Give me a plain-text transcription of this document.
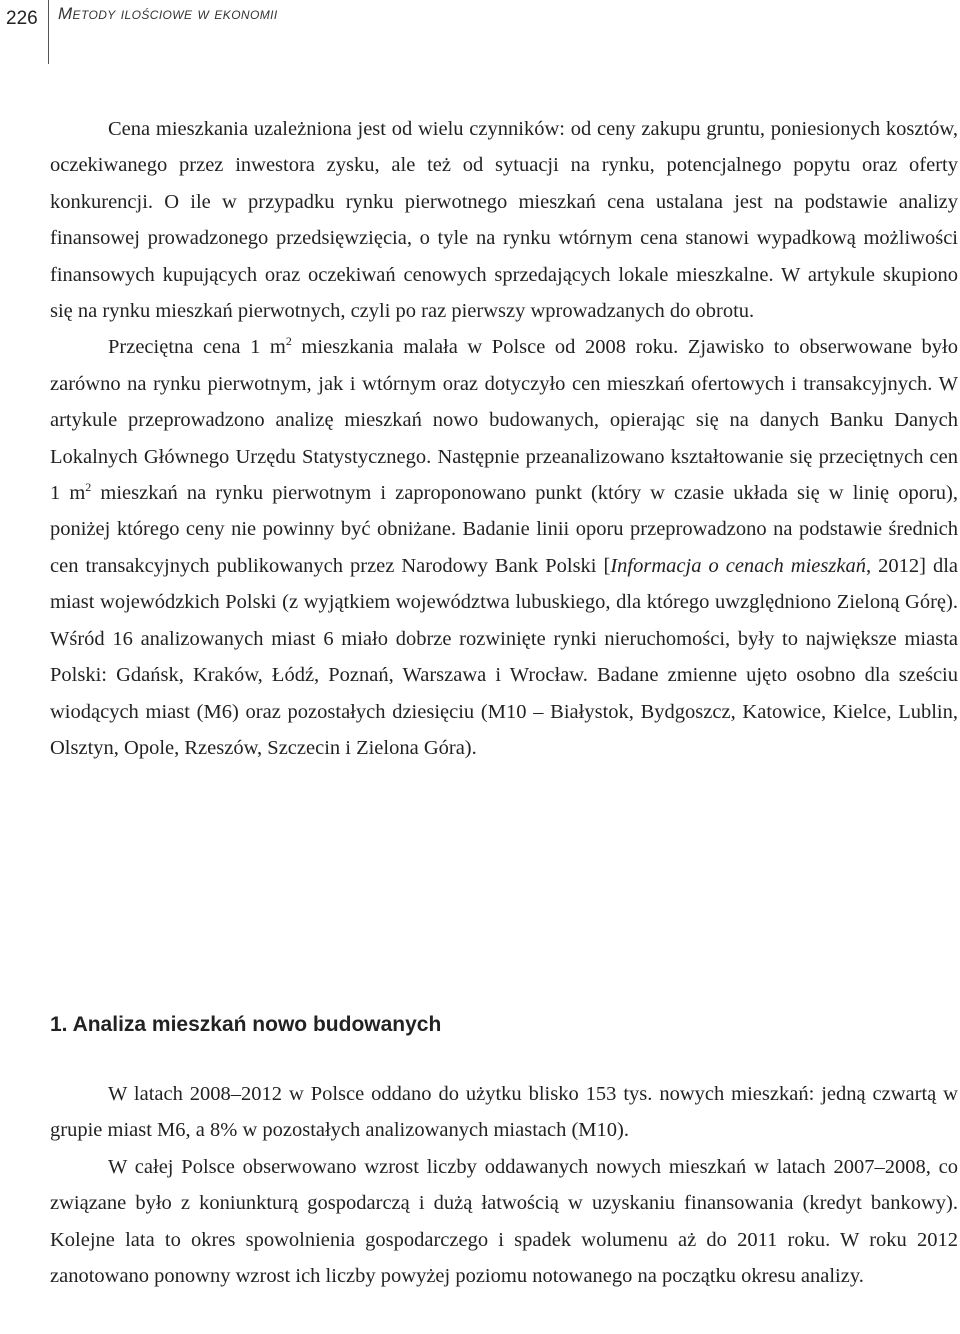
226	Metody ilościowe w ekonomii

Cena mieszkania uzależniona jest od wielu czynników: od ceny zakupu gruntu, poniesionych kosztów, oczekiwanego przez inwestora zysku, ale też od sytuacji na rynku, potencjalnego popytu oraz oferty konkurencji. O ile w przypadku rynku pierwotnego mieszkań cena ustalana jest na podstawie analizy finansowej prowadzonego przedsięwzięcia, o tyle na rynku wtórnym cena stanowi wypadkową możliwości finansowych kupujących oraz oczekiwań cenowych sprzedających lokale mieszkalne. W artykule skupiono się na rynku mieszkań pierwotnych, czyli po raz pierwszy wprowadzanych do obrotu.

Przeciętna cena 1 $m^2$ mieszkania malała w Polsce od 2008 roku. Zjawisko to obserwowane było zarówno na rynku pierwotnym, jak i wtórnym oraz dotyczyło cen mieszkań ofertowych i transakcyjnych. W artykule przeprowadzono analizę mieszkań nowo budowanych, opierając się na danych Banku Danych Lokalnych Głównego Urzędu Statystycznego. Następnie przeanalizowano kształtowanie się przeciętnych cen 1 $m^2$ mieszkań na rynku pierwotnym i zaproponowano punkt (który w czasie układa się w linię oporu), poniżej którego ceny nie powinny być obniżane. Badanie linii oporu przeprowadzono na podstawie średnich cen transakcyjnych publikowanych przez Narodowy Bank Polski [Informacja o cenach mieszkań, 2012] dla miast wojewódzkich Polski (z wyjątkiem województwa lubuskiego, dla którego uwzględniono Zieloną Górę). Wśród 16 analizowanych miast 6 miało dobrze rozwinięte rynki nieruchomości, były to największe miasta Polski: Gdańsk, Kraków, Łódź, Poznań, Warszawa i Wrocław. Badane zmienne ujęto osobno dla sześciu wiodących miast (M6) oraz pozostałych dziesięciu (M10 – Białystok, Bydgoszcz, Katowice, Kielce, Lublin, Olsztyn, Opole, Rzeszów, Szczecin i Zielona Góra).

1. Analiza mieszkań nowo budowanych

W latach 2008–2012 w Polsce oddano do użytku blisko 153 tys. nowych mieszkań: jedną czwartą w grupie miast M6, a 8% w pozostałych analizowanych miastach (M10).

W całej Polsce obserwowano wzrost liczby oddawanych nowych mieszkań w latach 2007–2008, co związane było z koniunkturą gospodarczą i dużą łatwością w uzyskaniu finansowania (kredyt bankowy). Kolejne lata to okres spowolnienia gospodarczego i spadek wolumenu aż do 2011 roku. W roku 2012 zanotowano ponowny wzrost ich liczby powyżej poziomu notowanego na początku okresu analizy.
